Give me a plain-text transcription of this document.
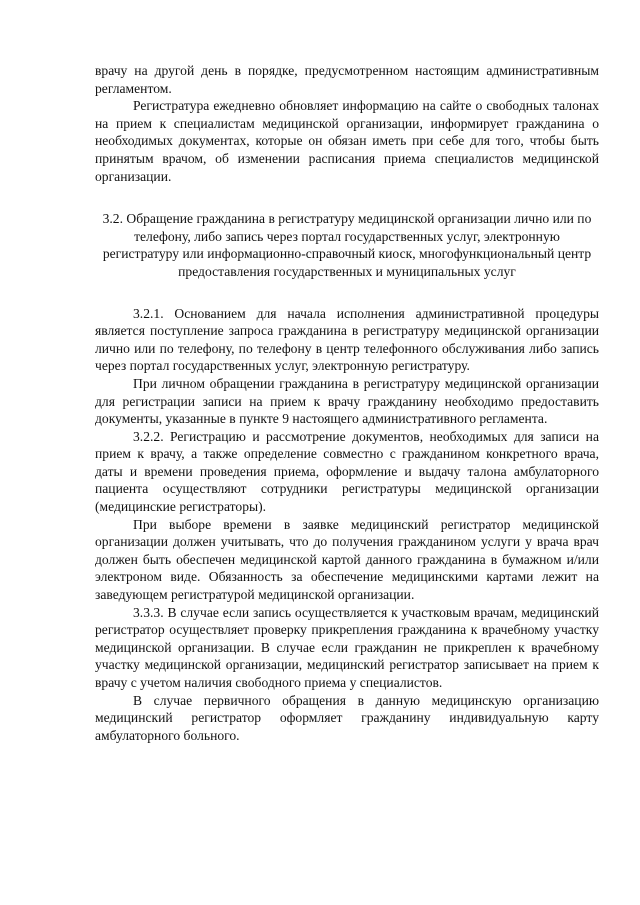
врачу на другой день в порядке, предусмотренном настоящим административным регламентом.

Регистратура ежедневно обновляет информацию на сайте о свободных талонах на прием к специалистам медицинской организации, информирует гражданина о необходимых документах, которые он обязан иметь при себе для того, чтобы быть принятым врачом, об изменении расписания приема специалистов медицинской организации.

3.2. Обращение гражданина в регистратуру медицинской организации лично или по телефону, либо запись через портал государственных услуг, электронную регистратуру или информационно-справочный киоск, многофункциональный центр предоставления государственных и муниципальных услуг

3.2.1. Основанием для начала исполнения административной процедуры является поступление запроса гражданина в регистратуру медицинской организации лично или по телефону, по телефону в центр телефонного обслуживания либо запись через портал государственных услуг, электронную регистратуру.

При личном обращении гражданина в регистратуру медицинской организации для регистрации записи на прием к врачу гражданину необходимо предоставить документы, указанные в пункте 9 настоящего административного регламента.

3.2.2. Регистрацию и рассмотрение документов, необходимых для записи на прием к врачу, а также определение совместно с гражданином конкретного врача, даты и времени проведения приема, оформление и выдачу талона амбулаторного пациента осуществляют сотрудники регистратуры медицинской организации (медицинские регистраторы).

При выборе времени в заявке медицинский регистратор медицинской организации должен учитывать, что до получения гражданином услуги у врача врач должен быть обеспечен медицинской картой данного гражданина в бумажном и/или электроном виде. Обязанность за обеспечение медицинскими картами лежит на заведующем регистратурой медицинской организации.

3.3.3. В случае если запись осуществляется к участковым врачам, медицинский регистратор осуществляет проверку прикрепления гражданина к врачебному участку медицинской организации. В случае если гражданин не прикреплен к врачебному участку медицинской организации, медицинский регистратор записывает на прием к врачу с учетом наличия свободного приема у специалистов.

В случае первичного обращения в данную медицинскую организацию медицинский регистратор оформляет гражданину индивидуальную карту амбулаторного больного.
